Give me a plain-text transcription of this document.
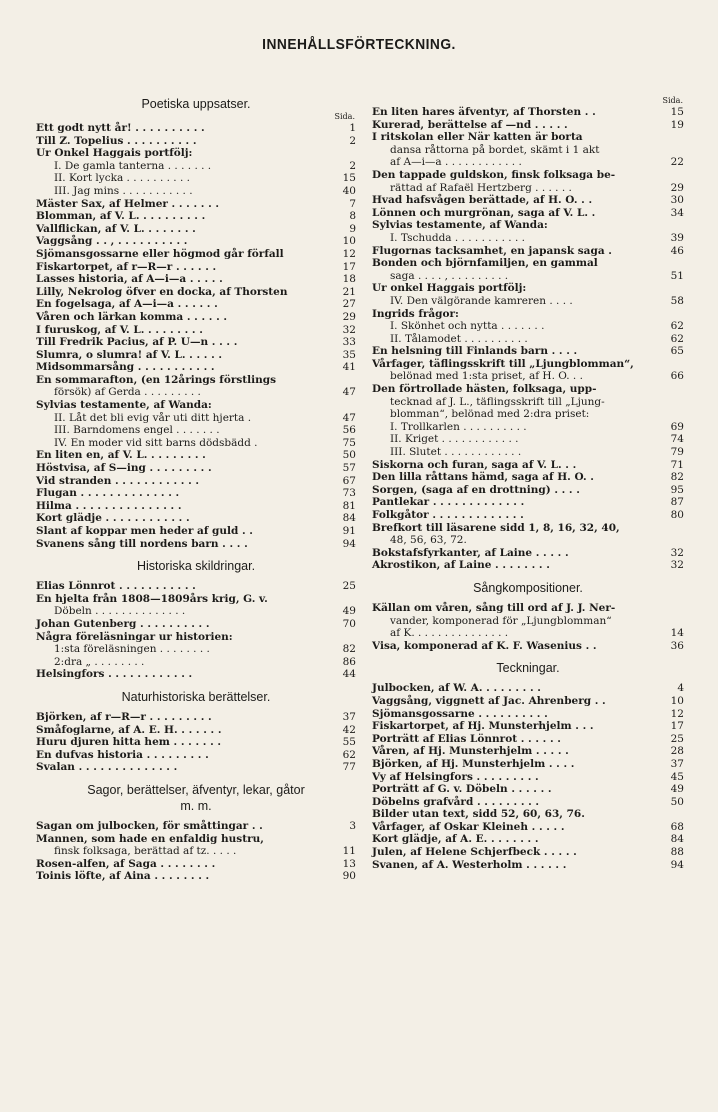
INNEHÅLLSFÖRTECKNING.
Poetiska uppsatser.
Sida.
Ett godt nytt år! . . . . . . . . . .	1
Till Z. Topelius . . . . . . . . . .	2
Ur Onkel Haggais portfölj:
I. De gamla tanterna . . . . . . .	2
II. Kort lycka . . . . . . . . . .	15
III. Jag mins . . . . . . . . . . .	40
Mäster Sax, af Helmer . . . . . . .	7
Blomman, af V. L. . . . . . . . . .	8
Vallflickan, af V. L. . . . . . . .	9
Vaggsång . . , . . . . . . . . . .	10
Sjömansgossarne eller högmod går förfall	12
Fiskartorpet, af r—R—r . . . . . .	17
Lasses historia, af A—i—a . . . . .	18
Lilly, Nekrolog öfver en docka, af Thorsten	21
En fogelsaga, af A—i—a . . . . . .	27
Våren och lärkan komma . . . . . .	29
I furuskog, af V. L. . . . . . . . .	32
Till Fredrik Pacius, af P. U—n . . . .	33
Slumra, o slumra! af V. L. . . . . .	35
Midsommarsång . . . . . . . . . . .	41
En sommarafton, (en 12årings förstlings
försök) af Gerda . . . . . . . . .	47
Sylvias testamente, af Wanda:
II. Låt det bli evig vår uti ditt hjerta .	47
III. Barndomens engel . . . . . . .	56
IV. En moder vid sitt barns dödsbädd .	75
En liten en, af V. L. . . . . . . . .	50
Höstvisa, af S—ing . . . . . . . . .	57
Vid stranden . . . . . . . . . . . .	67
Flugan . . . . . . . . . . . . . .	73
Hilma . . . . . . . . . . . . . . .	81
Kort glädje . . . . . . . . . . . .	84
Slant af koppar men heder af guld . .	91
Svanens sång till nordens barn . . . .	94
Historiska skildringar.
Elias Lönnrot . . . . . . . . . . .	25
En hjelta från 1808—1809års krig, G. v.
Döbeln . . . . . . . . . . . . . .	49
Johan Gutenberg . . . . . . . . . .	70
Några föreläsningar ur historien:
1:sta föreläsningen . . . . . . . .	82
2:dra „ . . . . . . . .	86
Helsingfors . . . . . . . . . . . .	44
Naturhistoriska berättelser.
Björken, af r—R—r . . . . . . . . .	37
Småfoglarne, af A. E. H. . . . . . .	42
Huru djuren hitta hem . . . . . . .	55
En dufvas historia . . . . . . . . .	62
Svalan . . . . . . . . . . . . . .	77
Sagor, berättelser, äfventyr, lekar, gåtor
m. m.
Sagan om julbocken, för småttingar . .	3
Mannen, som hade en enfaldig hustru,
finsk folksaga, berättad af tz. . . . .	11
Rosen-alfen, af Saga . . . . . . . .	13
Toinis löfte, af Aina . . . . . . . .	90
Sida.
En liten hares äfventyr, af Thorsten . .	15
Kurerad, berättelse af —nd . . . . .	19
I ritskolan eller När katten är borta
dansa råttorna på bordet, skämt i 1 akt
af A—i—a . . . . . . . . . . . .	22
Den tappade guldskon, finsk folksaga be-
rättad af Rafaël Hertzberg . . . . . .	29
Hvad hafsvågen berättade, af H. O. . .	30
Lönnen och murgrönan, saga af V. L. .	34
Sylvias testamente, af Wanda:
I. Tschudda . . . . . . . . . . .	39
Flugornas tacksamhet, en japansk saga .	46
Bonden och björnfamiljen, en gammal
saga . . . . , . . . . . . . . .	51
Ur onkel Haggais portfölj:
IV. Den välgörande kamreren . . . .	58
Ingrids frågor:
I. Skönhet och nytta . . . . . . .	62
II. Tålamodet . . . . . . . . . .	62
En helsning till Finlands barn . . . .	65
Vårfager, täflingsskrift till „Ljungblomman“,
belönad med 1:sta priset, af H. O. . .	66
Den förtrollade hästen, folksaga, upp-
tecknad af J. L., täflingsskrift till „Ljung-
blomman“, belönad med 2:dra priset:
I. Trollkarlen . . . . . . . . . .	69
II. Kriget . . . . . . . . . . . .	74
III. Slutet . . . . . . . . . . . .	79
Siskorna och furan, saga af V. L. . .	71
Den lilla råttans hämd, saga af H. O. .	82
Sorgen, (saga af en drottning) . . . .	95
Pantlekar . . . . . . . . . . . . .	87
Folkgåtor . . . . . . . . . . . . .	80
Brefkort till läsarene sidd 1, 8, 16, 32, 40,
48, 56, 63, 72.
Bokstafsfyrkanter, af Laine . . . . .	32
Akrostikon, af Laine . . . . . . . .	32
Sångkompositioner.
Källan om våren, sång till ord af J. J. Ner-
vander, komponerad för „Ljungblomman“
af K. . . . . . . . . . . . . . .	14
Visa, komponerad af K. F. Wasenius . .	36
Teckningar.
Julbocken, af W. A. . . . . . . . .	4
Vaggsång, viggnett af Jac. Ahrenberg . .	10
Sjömansgossarne . . . . . . . . . .	12
Fiskartorpet, af Hj. Munsterhjelm . . .	17
Porträtt af Elias Lönnrot . . . . . .	25
Våren, af Hj. Munsterhjelm . . . . .	28
Björken, af Hj. Munsterhjelm . . . .	37
Vy af Helsingfors . . . . . . . . .	45
Porträtt af G. v. Döbeln . . . . . .	49
Döbelns grafvård . . . . . . . . .	50
Bilder utan text, sidd 52, 60, 63, 76.
Vårfager, af Oskar Kleineh . . . . .	68
Kort glädje, af A. E. . . . . . . .	84
Julen, af Helene Schjerfbeck . . . . .	88
Svanen, af A. Westerholm . . . . . .	94
